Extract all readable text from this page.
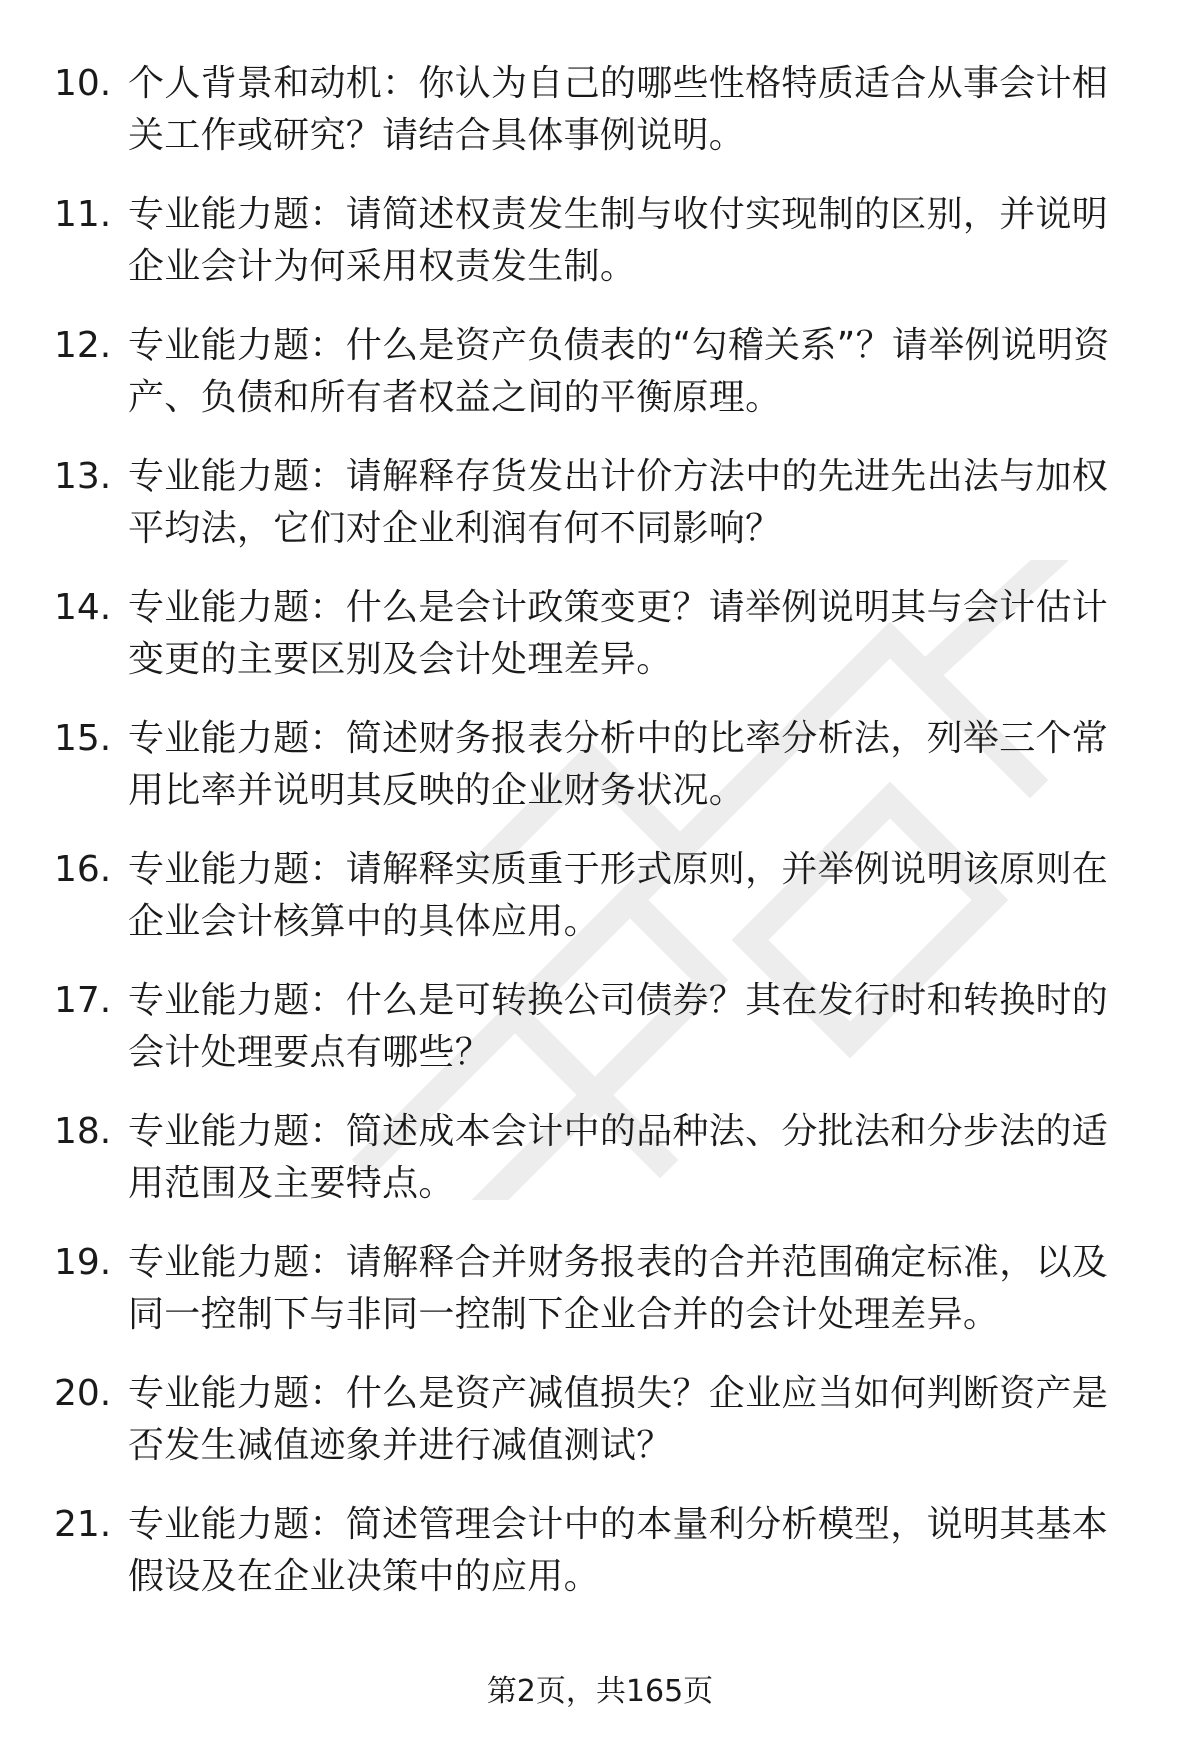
10. 个人背景和动机：你认为自己的哪些性格特质适合从事会计相关工作或研究？请结合具体事例说明。
11. 专业能力题：请简述权责发生制与收付实现制的区别，并说明企业会计为何采用权责发生制。
12. 专业能力题：什么是资产负债表的“勾稽关系”？请举例说明资产、负债和所有者权益之间的平衡原理。
13. 专业能力题：请解释存货发出计价方法中的先进先出法与加权平均法，它们对企业利润有何不同影响？
14. 专业能力题：什么是会计政策变更？请举例说明其与会计估计变更的主要区别及会计处理差异。
15. 专业能力题：简述财务报表分析中的比率分析法，列举三个常用比率并说明其反映的企业财务状况。
16. 专业能力题：请解释实质重于形式原则，并举例说明该原则在企业会计核算中的具体应用。
17. 专业能力题：什么是可转换公司债券？其在发行时和转换时的会计处理要点有哪些？
18. 专业能力题：简述成本会计中的品种法、分批法和分步法的适用范围及主要特点。
19. 专业能力题：请解释合并财务报表的合并范围确定标准，以及同一控制下与非同一控制下企业合并的会计处理差异。
20. 专业能力题：什么是资产减值损失？企业应当如何判断资产是否发生减值迹象并进行减值测试？
21. 专业能力题：简述管理会计中的本量利分析模型，说明其基本假设及在企业决策中的应用。
第2页，共165页
